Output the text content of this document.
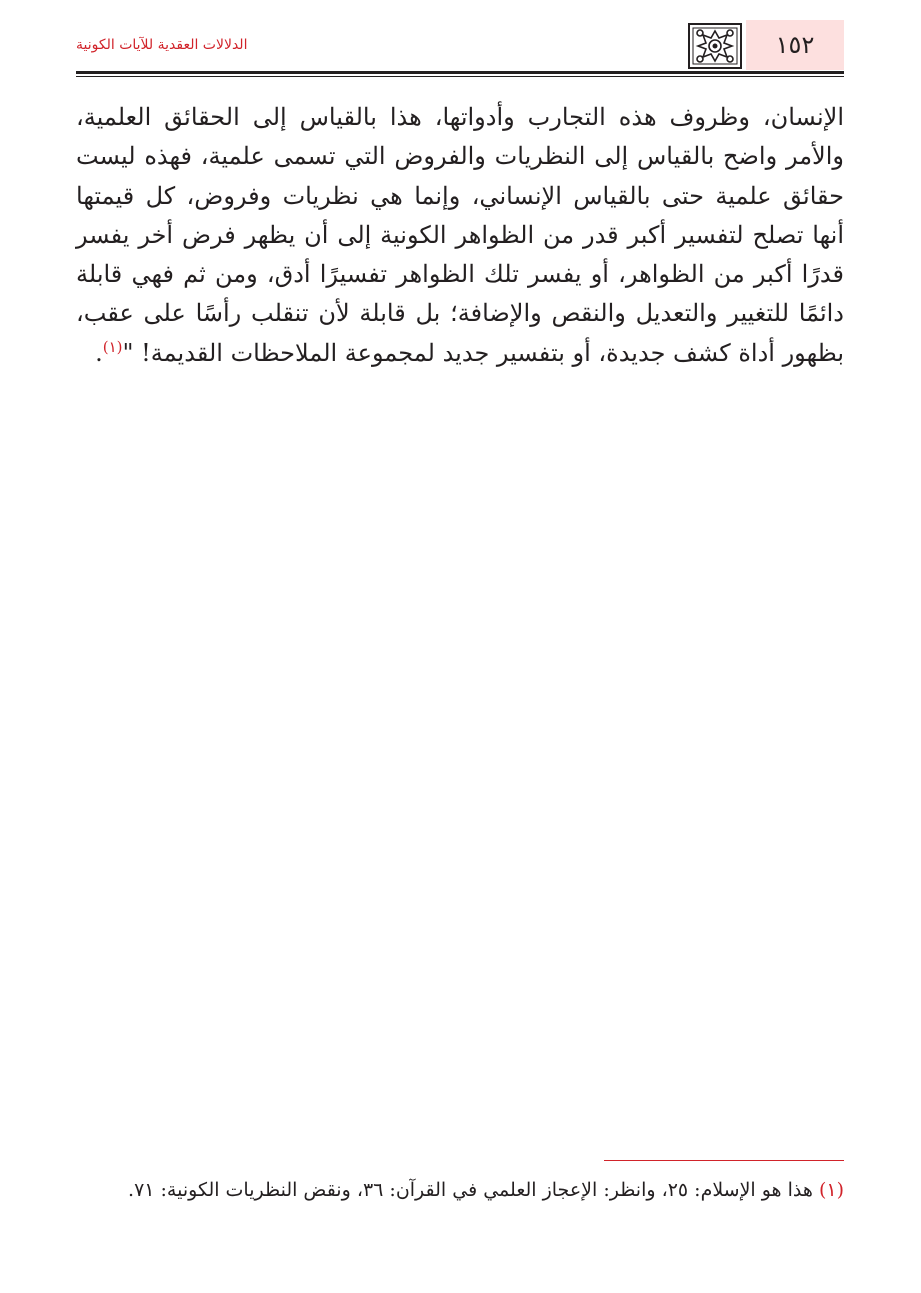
١٥٢
الدلالات العقدية للآيات الكونية

الإنسان، وظروف هذه التجارب وأدواتها، هذا بالقياس إلى الحقائق العلمية، والأمر واضح بالقياس إلى النظريات والفروض التي تسمى علمية، فهذه ليست حقائق علمية حتى بالقياس الإنساني، وإنما هي نظريات وفروض، كل قيمتها أنها تصلح لتفسير أكبر قدر من الظواهر الكونية إلى أن يظهر فرض أخر يفسر قدرًا أكبر من الظواهر، أو يفسر تلك الظواهر تفسيرًا أدق، ومن ثم فهي قابلة دائمًا للتغيير والتعديل والنقص والإضافة؛ بل قابلة لأن تنقلب رأسًا على عقب، بظهور أداة كشف جديدة، أو بتفسير جديد لمجموعة الملاحظات القديمة! "$^{(١)}$.

(١) هذا هو الإسلام: ٢٥، وانظر: الإعجاز العلمي في القرآن: ٣٦، ونقض النظريات الكونية: ٧١.
